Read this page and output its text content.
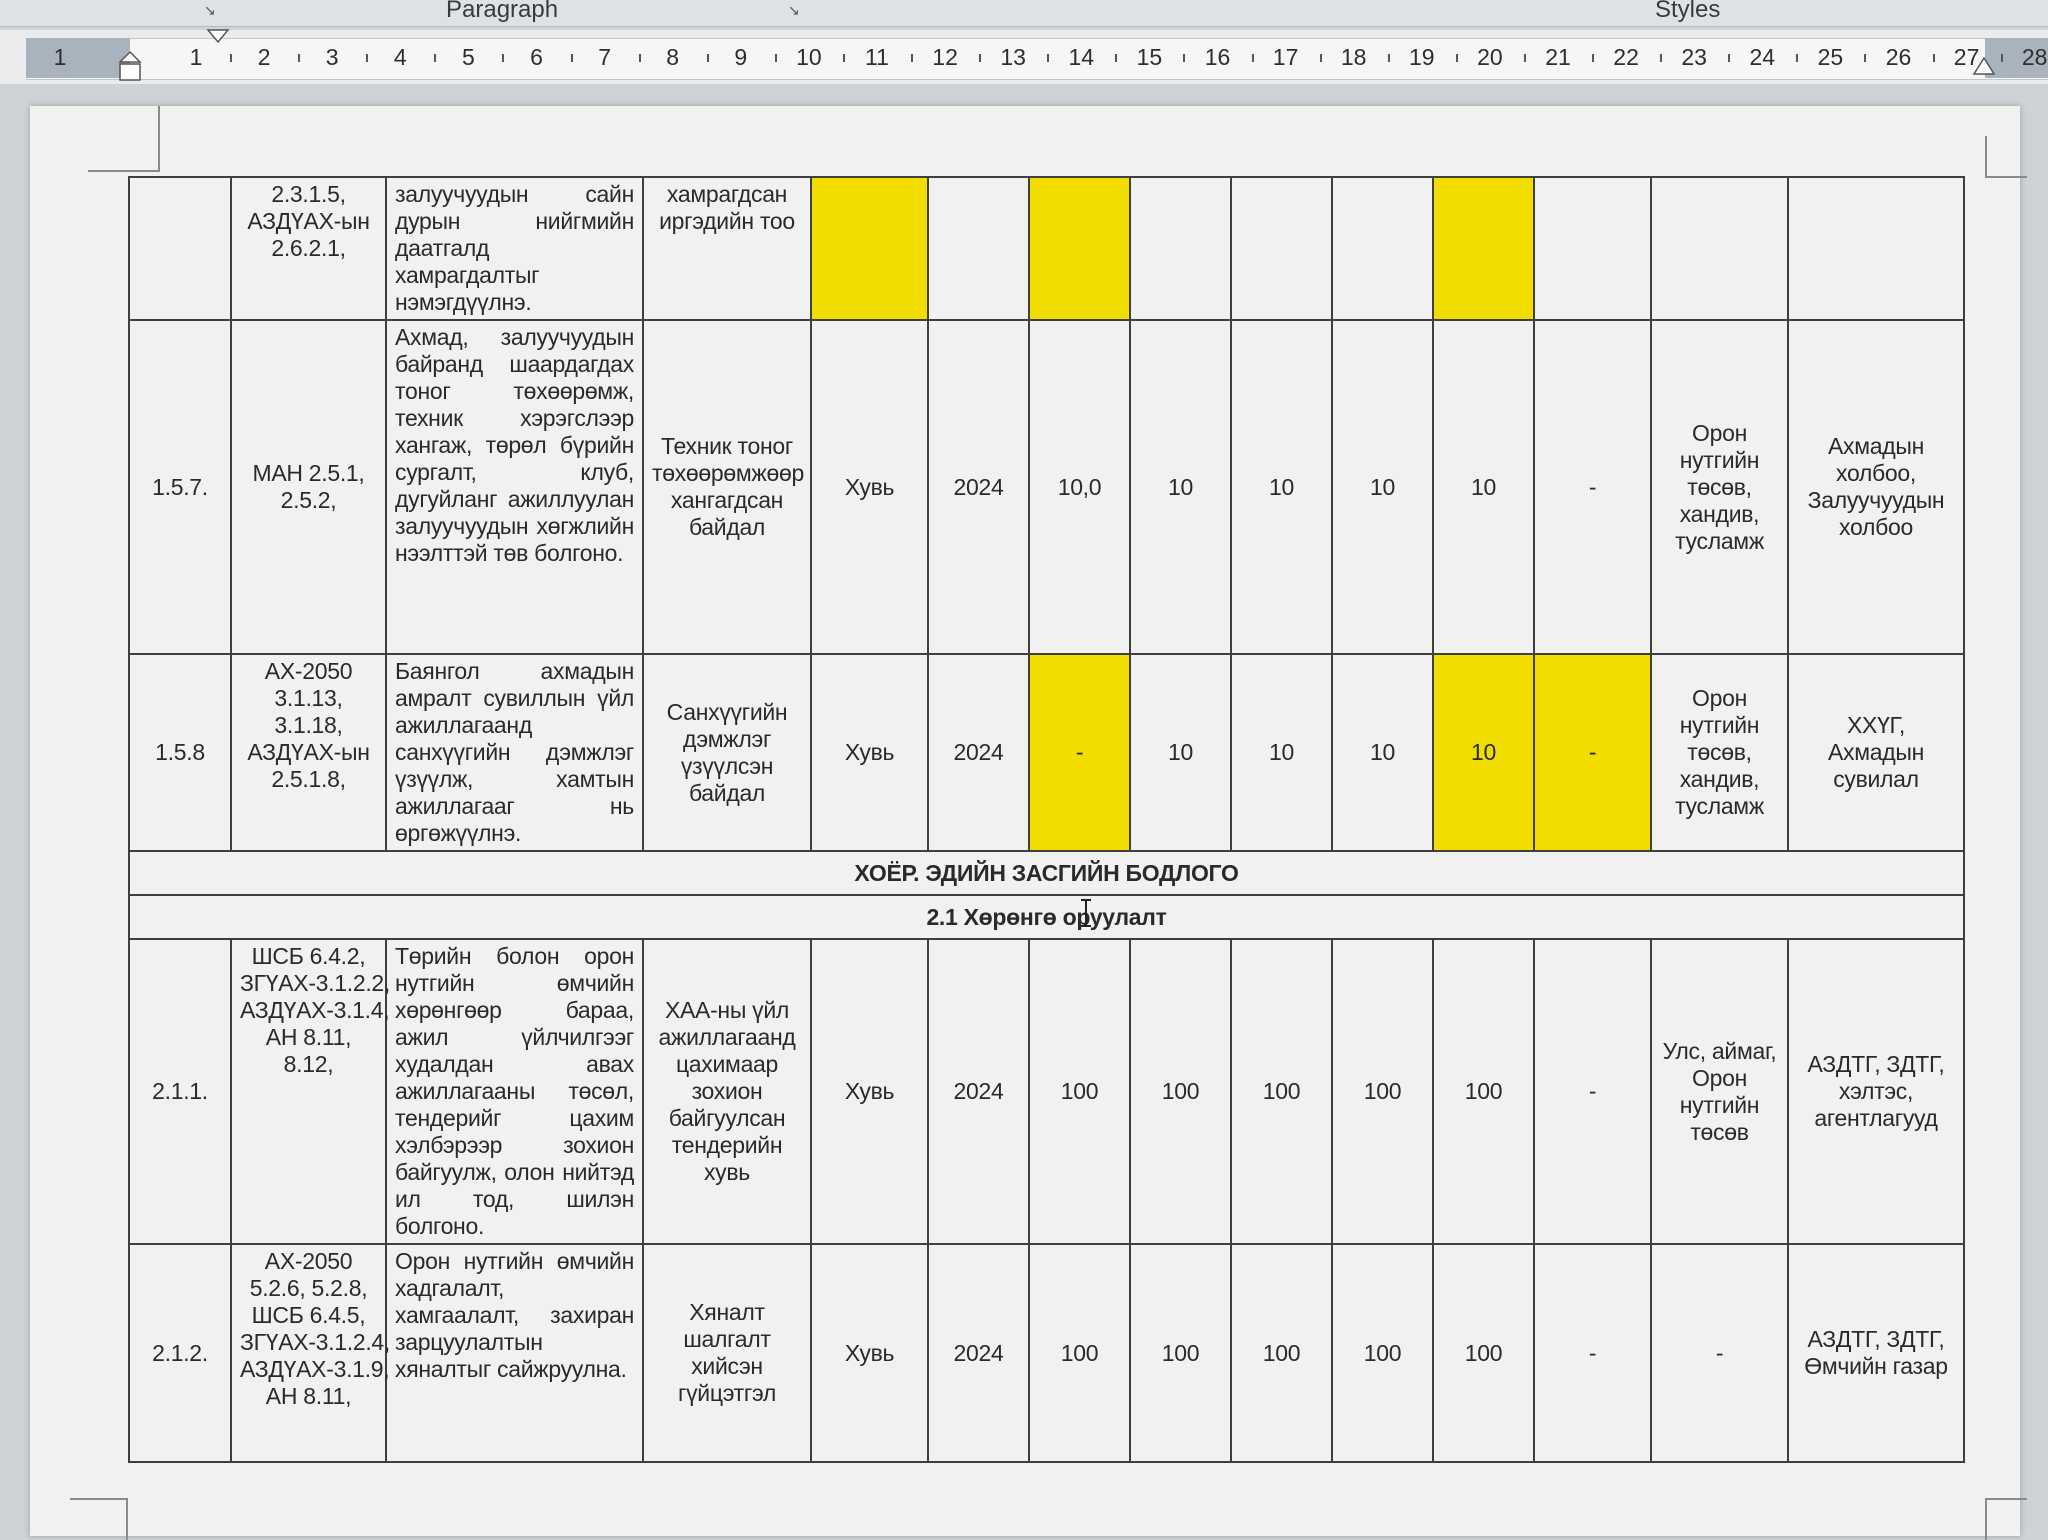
Paragraph	↘
↘	Styles
1	1 2 3 4 5 6 7 8 9 10 11 12 13 14 15 16 17 18 19 20 21 22 23 24 25 26 27 28
	2.3.1.5, АЗДҮАХ-ын 2.6.2.1,	залуучуудын сайн дурын нийгмийн даатгалд хамрагдалтыг нэмэгдүүлнэ.	хамрагдсан иргэдийн тоо										
1.5.7.	МАН 2.5.1, 2.5.2,	Ахмад, залуучуудын байранд шаардагдах тоног төхөөрөмж, техник хэрэгслээр хангаж, төрөл бүрийн сургалт, клуб, дугуйланг ажиллуулан залуучуудын хөгжлийн нээлттэй төв болгоно.	Техник тоног төхөөрөмжөөр хангагдсан байдал	Хувь	2024	10,0	10	10	10	10	-	Орон нутгийн төсөв, хандив, тусламж	Ахмадын холбоо, Залуучуудын холбоо
1.5.8	АХ-2050 3.1.13, 3.1.18, АЗДҮАХ-ын 2.5.1.8,	Баянгол ахмадын амралт сувиллын үйл ажиллагаанд санхүүгийн дэмжлэг үзүүлж, хамтын ажиллагааг нь өргөжүүлнэ.	Санхүүгийн дэмжлэг үзүүлсэн байдал	Хувь	2024	-	10	10	10	10	-	Орон нутгийн төсөв, хандив, тусламж	ХХҮГ, Ахмадын сувилал
ХОЁР. ЭДИЙН ЗАСГИЙН БОДЛОГО													
2.1 Хөрөнгө оруулалт													
2.1.1.	ШСБ 6.4.2, ЗГҮАХ-3.1.2.2, АЗДҮАХ-3.1.4, АН 8.11, 8.12,	Төрийн болон орон нутгийн өмчийн хөрөнгөөр бараа, ажил үйлчилгээг худалдан авах ажиллагааны төсөл, тендерийг цахим хэлбэрээр зохион байгуулж, олон нийтэд ил тод, шилэн болгоно.	ХАА-ны үйл ажиллагаанд цахимаар зохион байгуулсан тендерийн хувь	Хувь	2024	100	100	100	100	100	-	Улс, аймаг, Орон нутгийн төсөв	АЗДТГ, ЗДТГ, хэлтэс, агентлагууд
2.1.2.	АХ-2050 5.2.6, 5.2.8, ШСБ 6.4.5, ЗГҮАХ-3.1.2.4, АЗДҮАХ-3.1.9, АН 8.11,	Орон нутгийн өмчийн хадгалалт, хамгаалалт, захиран зарцуулалтын хяналтыг сайжруулна.	Хяналт шалгалт хийсэн гүйцэтгэл	Хувь	2024	100	100	100	100	100	-	-	АЗДТГ, ЗДТГ, Өмчийн газар
